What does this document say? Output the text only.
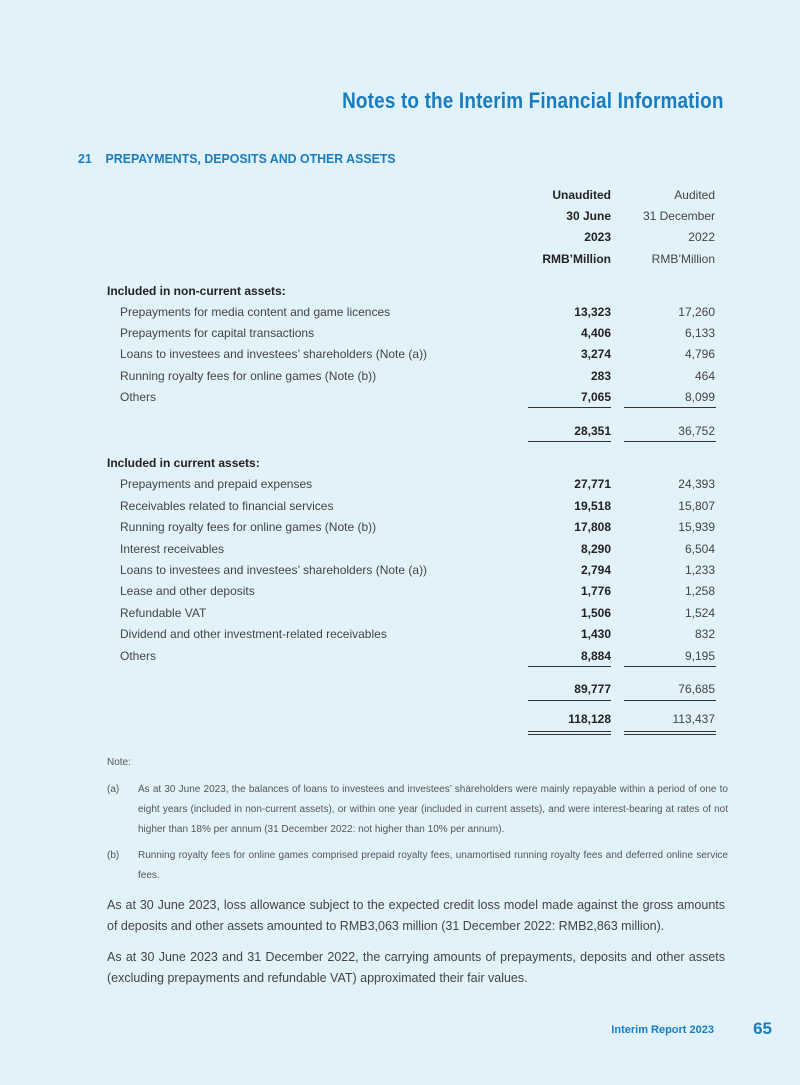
Notes to the Interim Financial Information
21 PREPAYMENTS, DEPOSITS AND OTHER ASSETS
Unaudited	Audited
30 June	31 December
2023	2022
RMB’Million	RMB’Million
Included in non-current assets:
Prepayments for media content and game licences	13,323	17,260
Prepayments for capital transactions	4,406	6,133
Loans to investees and investees’ shareholders (Note (a))	3,274	4,796
Running royalty fees for online games (Note (b))	283	464
Others	7,065	8,099
28,351	36,752
Included in current assets:
Prepayments and prepaid expenses	27,771	24,393
Receivables related to financial services	19,518	15,807
Running royalty fees for online games (Note (b))	17,808	15,939
Interest receivables	8,290	6,504
Loans to investees and investees’ shareholders (Note (a))	2,794	1,233
Lease and other deposits	1,776	1,258
Refundable VAT	1,506	1,524
Dividend and other investment-related receivables	1,430	832
Others	8,884	9,195
89,777	76,685
118,128	113,437
Note:
(a) As at 30 June 2023, the balances of loans to investees and investees’ shareholders were mainly repayable within a period of one to eight years (included in non-current assets), or within one year (included in current assets), and were interest-bearing at rates of not higher than 18% per annum (31 December 2022: not higher than 10% per annum).
(b) Running royalty fees for online games comprised prepaid royalty fees, unamortised running royalty fees and deferred online service fees.
As at 30 June 2023, loss allowance subject to the expected credit loss model made against the gross amounts of deposits and other assets amounted to RMB3,063 million (31 December 2022: RMB2,863 million).
As at 30 June 2023 and 31 December 2022, the carrying amounts of prepayments, deposits and other assets (excluding prepayments and refundable VAT) approximated their fair values.
Interim Report 2023 65
